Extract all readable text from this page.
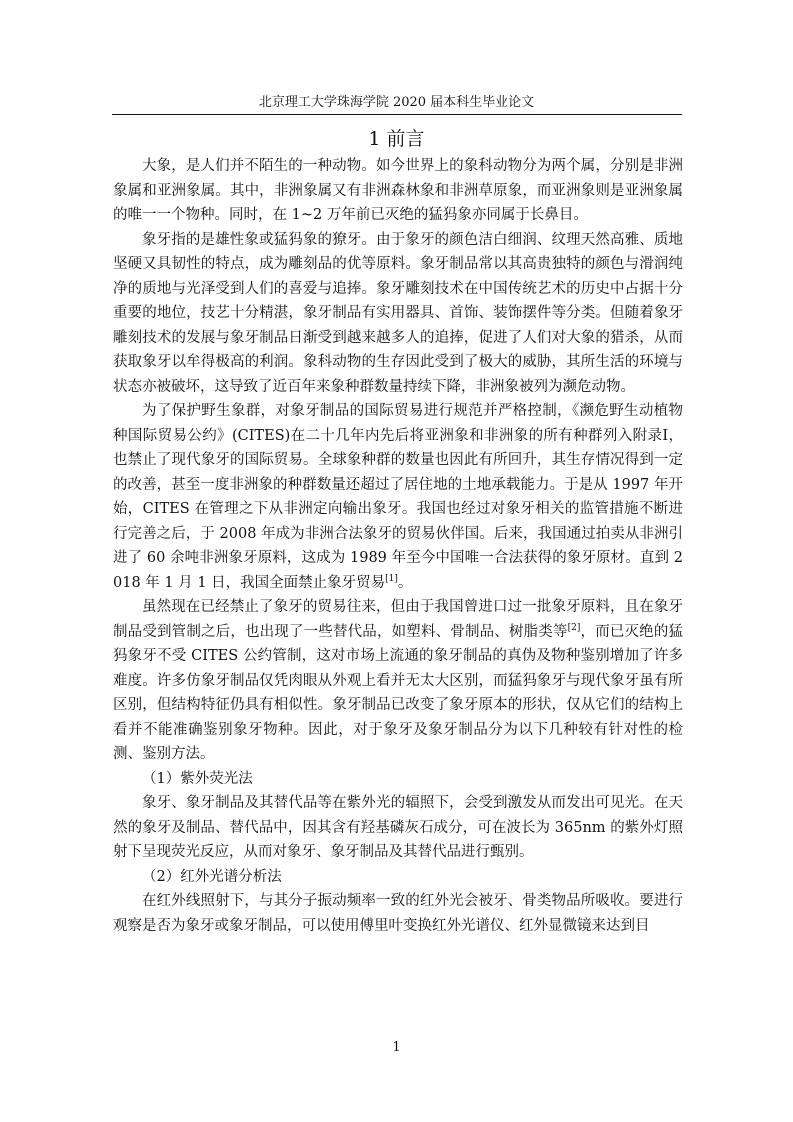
北京理工大学珠海学院 2020 届本科生毕业论文
1 前言

大象，是人们并不陌生的一种动物。如今世界上的象科动物分为两个属，分别是非洲象属和亚洲象属。其中，非洲象属又有非洲森林象和非洲草原象，而亚洲象则是亚洲象属的唯一一个物种。同时，在 1~2 万年前已灭绝的猛犸象亦同属于长鼻目。

象牙指的是雄性象或猛犸象的獠牙。由于象牙的颜色洁白细润、纹理天然高雅、质地坚硬又具韧性的特点，成为雕刻品的优等原料。象牙制品常以其高贵独特的颜色与滑润纯净的质地与光泽受到人们的喜爱与追捧。象牙雕刻技术在中国传统艺术的历史中占据十分重要的地位，技艺十分精湛，象牙制品有实用器具、首饰、装饰摆件等分类。但随着象牙雕刻技术的发展与象牙制品日渐受到越来越多人的追捧，促进了人们对大象的猎杀，从而获取象牙以牟得极高的利润。象科动物的生存因此受到了极大的威胁，其所生活的环境与状态亦被破坏，这导致了近百年来象种群数量持续下降，非洲象被列为濒危动物。

为了保护野生象群，对象牙制品的国际贸易进行规范并严格控制，《濒危野生动植物种国际贸易公约》(CITES)在二十几年内先后将亚洲象和非洲象的所有种群列入附录Ⅰ，也禁止了现代象牙的国际贸易。全球象种群的数量也因此有所回升，其生存情况得到一定的改善，甚至一度非洲象的种群数量还超过了居住地的土地承载能力。于是从 1997 年开始，CITES 在管理之下从非洲定向输出象牙。我国也经过对象牙相关的监管措施不断进行完善之后，于 2008 年成为非洲合法象牙的贸易伙伴国。后来，我国通过拍卖从非洲引进了 60 余吨非洲象牙原料，这成为 1989 年至今中国唯一合法获得的象牙原材。直到 2018 年 1 月 1 日，我国全面禁止象牙贸易[1]。

虽然现在已经禁止了象牙的贸易往来，但由于我国曾进口过一批象牙原料，且在象牙制品受到管制之后，也出现了一些替代品，如塑料、骨制品、树脂类等[2]，而已灭绝的猛犸象牙不受 CITES 公约管制，这对市场上流通的象牙制品的真伪及物种鉴别增加了许多难度。许多仿象牙制品仅凭肉眼从外观上看并无太大区别，而猛犸象牙与现代象牙虽有所区别，但结构特征仍具有相似性。象牙制品已改变了象牙原本的形状，仅从它们的结构上看并不能准确鉴别象牙物种。因此，对于象牙及象牙制品分为以下几种较有针对性的检测、鉴别方法。

（1）紫外荧光法

象牙、象牙制品及其替代品等在紫外光的辐照下，会受到激发从而发出可见光。在天然的象牙及制品、替代品中，因其含有羟基磷灰石成分，可在波长为 365nm 的紫外灯照射下呈现荧光反应，从而对象牙、象牙制品及其替代品进行甄别。

（2）红外光谱分析法

在红外线照射下，与其分子振动频率一致的红外光会被牙、骨类物品所吸收。要进行观察是否为象牙或象牙制品，可以使用傅里叶变换红外光谱仪、红外显微镜来达到目

1
